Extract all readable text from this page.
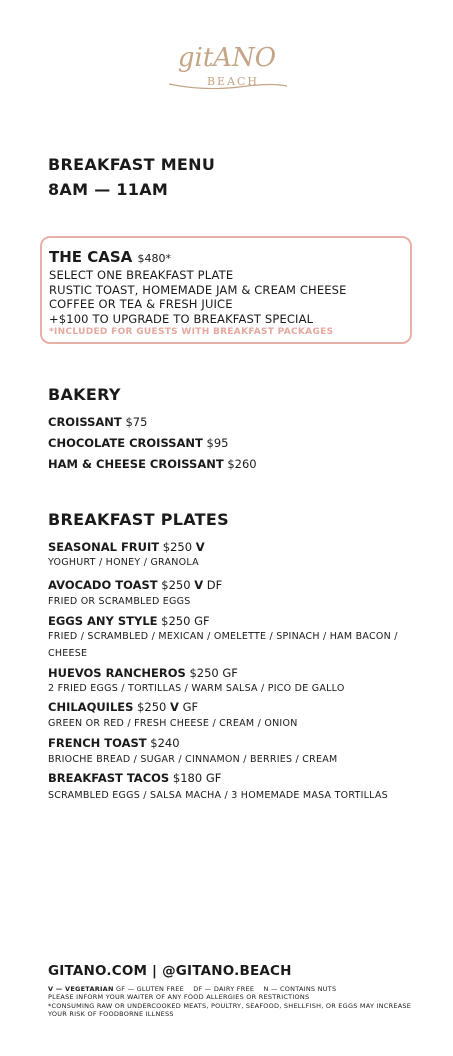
gitANO
BEACH
BREAKFAST MENU
8AM — 11AM
THE CASA $480*
SELECT ONE BREAKFAST PLATE
RUSTIC TOAST, HOMEMADE JAM & CREAM CHEESE
COFFEE OR TEA & FRESH JUICE
+$100 TO UPGRADE TO BREAKFAST SPECIAL
*INCLUDED FOR GUESTS WITH BREAKFAST PACKAGES
BAKERY
CROISSANT $75
CHOCOLATE CROISSANT $95
HAM & CHEESE CROISSANT $260
BREAKFAST PLATES
SEASONAL FRUIT $250 V
YOGHURT / HONEY / GRANOLA
AVOCADO TOAST $250 V DF
FRIED OR SCRAMBLED EGGS
EGGS ANY STYLE $250 GF
FRIED / SCRAMBLED / MEXICAN / OMELETTE / SPINACH / HAM BACON / CHEESE
HUEVOS RANCHEROS $250 GF
2 FRIED EGGS / TORTILLAS / WARM SALSA / PICO DE GALLO
CHILAQUILES $250 V GF
GREEN OR RED / FRESH CHEESE / CREAM / ONION
FRENCH TOAST $240
BRIOCHE BREAD / SUGAR / CINNAMON / BERRIES / CREAM
BREAKFAST TACOS $180 GF
SCRAMBLED EGGS / SALSA MACHA / 3 HOMEMADE MASA TORTILLAS
GITANO.COM | @GITANO.BEACH
V — VEGETARIAN GF — GLUTEN FREE    DF — DAIRY FREE    N — CONTAINS NUTS
PLEASE INFORM YOUR WAITER OF ANY FOOD ALLERGIES OR RESTRICTIONS
*CONSUMING RAW OR UNDERCOOKED MEATS, POULTRY, SEAFOOD, SHELLFISH, OR EGGS MAY INCREASE YOUR RISK OF FOODBORNE ILLNESS
